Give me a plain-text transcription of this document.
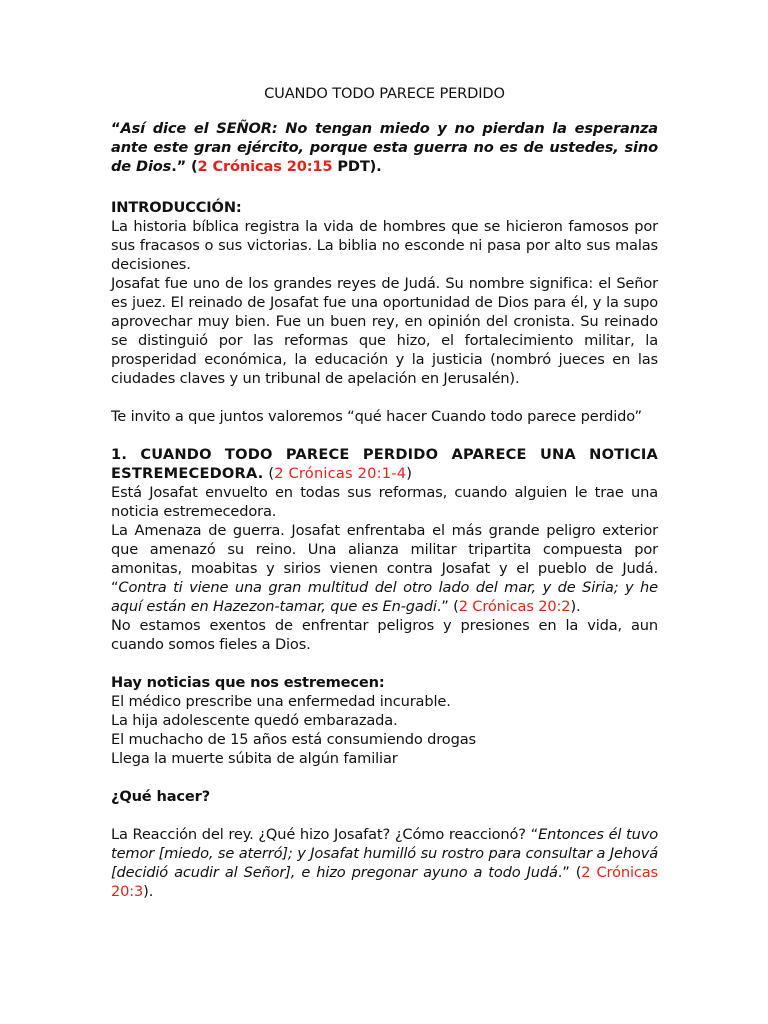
CUANDO TODO PARECE PERDIDO

“Así dice el SEÑOR: No tengan miedo y no pierdan la esperanza ante este gran ejército, porque esta guerra no es de ustedes, sino de Dios.” (2 Crónicas 20:15 PDT).

INTRODUCCIÓN:

La historia bíblica registra la vida de hombres que se hicieron famosos por sus fracasos o sus victorias. La biblia no esconde ni pasa por alto sus malas decisiones.

Josafat fue uno de los grandes reyes de Judá. Su nombre significa: el Señor es juez. El reinado de Josafat fue una oportunidad de Dios para él, y la supo aprovechar muy bien. Fue un buen rey, en opinión del cronista. Su reinado se distinguió por las reformas que hizo, el fortalecimiento militar, la prosperidad económica, la educación y la justicia (nombró jueces en las ciudades claves y un tribunal de apelación en Jerusalén).

Te invito a que juntos valoremos “qué hacer Cuando todo parece perdido”

1. CUANDO TODO PARECE PERDIDO APARECE UNA NOTICIA ESTREMECEDORA. (2 Crónicas 20:1-4)

Está Josafat envuelto en todas sus reformas, cuando alguien le trae una noticia estremecedora.

La Amenaza de guerra. Josafat enfrentaba el más grande peligro exterior que amenazó su reino. Una alianza militar tripartita compuesta por amonitas, moabitas y sirios vienen contra Josafat y el pueblo de Judá. “Contra ti viene una gran multitud del otro lado del mar, y de Siria; y he aquí están en Hazezon-tamar, que es En-gadi.” (2 Crónicas 20:2).

No estamos exentos de enfrentar peligros y presiones en la vida, aun cuando somos fieles a Dios.

Hay noticias que nos estremecen:

El médico prescribe una enfermedad incurable.

La hija adolescente quedó embarazada.

El muchacho de 15 años está consumiendo drogas

Llega la muerte súbita de algún familiar

¿Qué hacer?

La Reacción del rey. ¿Qué hizo Josafat? ¿Cómo reaccionó? “Entonces él tuvo temor [miedo, se aterró]; y Josafat humilló su rostro para consultar a Jehová [decidió acudir al Señor], e hizo pregonar ayuno a todo Judá.” (2 Crónicas 20:3).
